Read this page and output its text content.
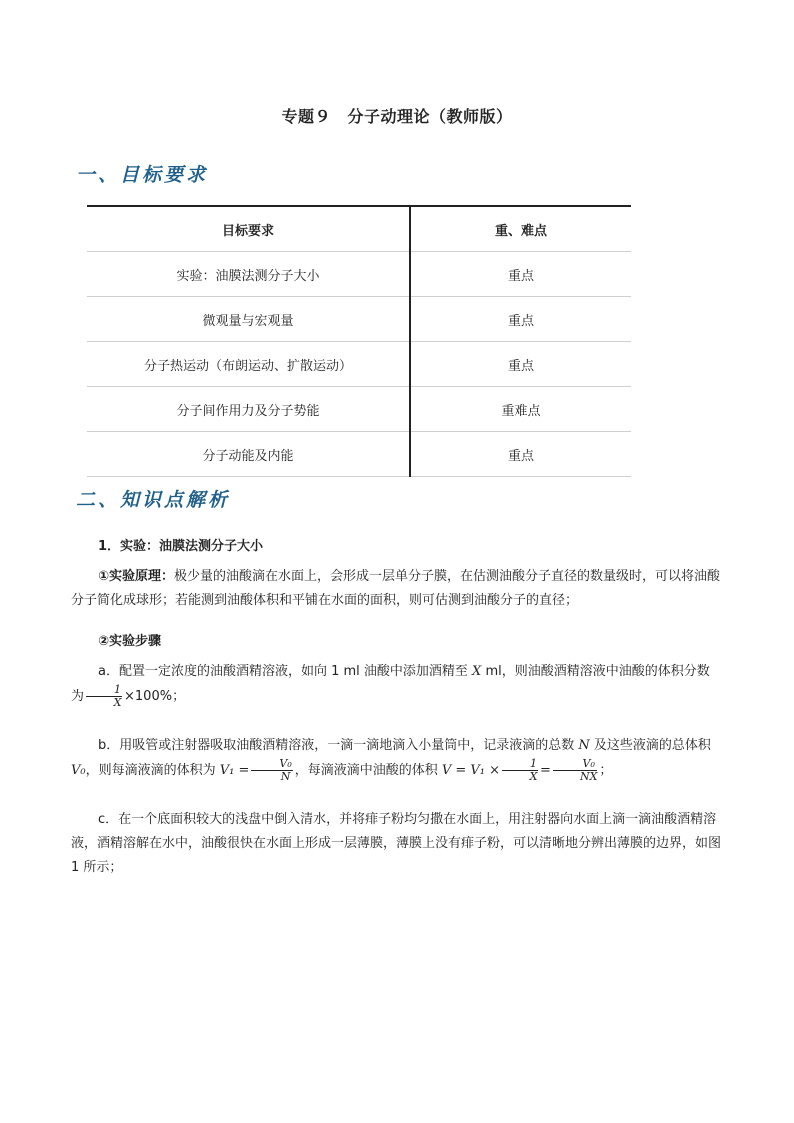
专题９　分子动理论（教师版）
一、目标要求
目标要求	重、难点
实验：油膜法测分子大小	重点
微观量与宏观量	重点
分子热运动（布朗运动、扩散运动）	重点
分子间作用力及分子势能	重难点
分子动能及内能	重点
二、知识点解析
1．实验：油膜法测分子大小
①实验原理：极少量的油酸滴在水面上，会形成一层单分子膜，在估测油酸分子直径的数量级时，可以将油酸分子简化成球形；若能测到油酸体积和平铺在水面的面积，则可估测到油酸分子的直径；
②实验步骤
a．配置一定浓度的油酸酒精溶液，如向 1 ml 油酸中添加酒精至 X ml，则油酸酒精溶液中油酸的体积分数为 $\frac{1}{X} \times 100\%$；
b．用吸管或注射器吸取油酸酒精溶液，一滴一滴地滴入小量筒中，记录液滴的总数 N 及这些液滴的总体积 V₀，则每滴液滴的体积为 $V_1 = \frac{\text{V₀}}{N}$ ，每滴液滴中油酸的体积 $V = V_1 \times \frac{1}{X} = \frac{\text{V₀}}{NX}$ ；
c．在一个底面积较大的浅盘中倒入清水，并将痱子粉均匀撒在水面上，用注射器向水面上滴一滴油酸酒精溶液，酒精溶解在水中，油酸很快在水面上形成一层薄膜，薄膜上没有痱子粉，可以清晰地分辨出薄膜的边界，如图 1 所示；
